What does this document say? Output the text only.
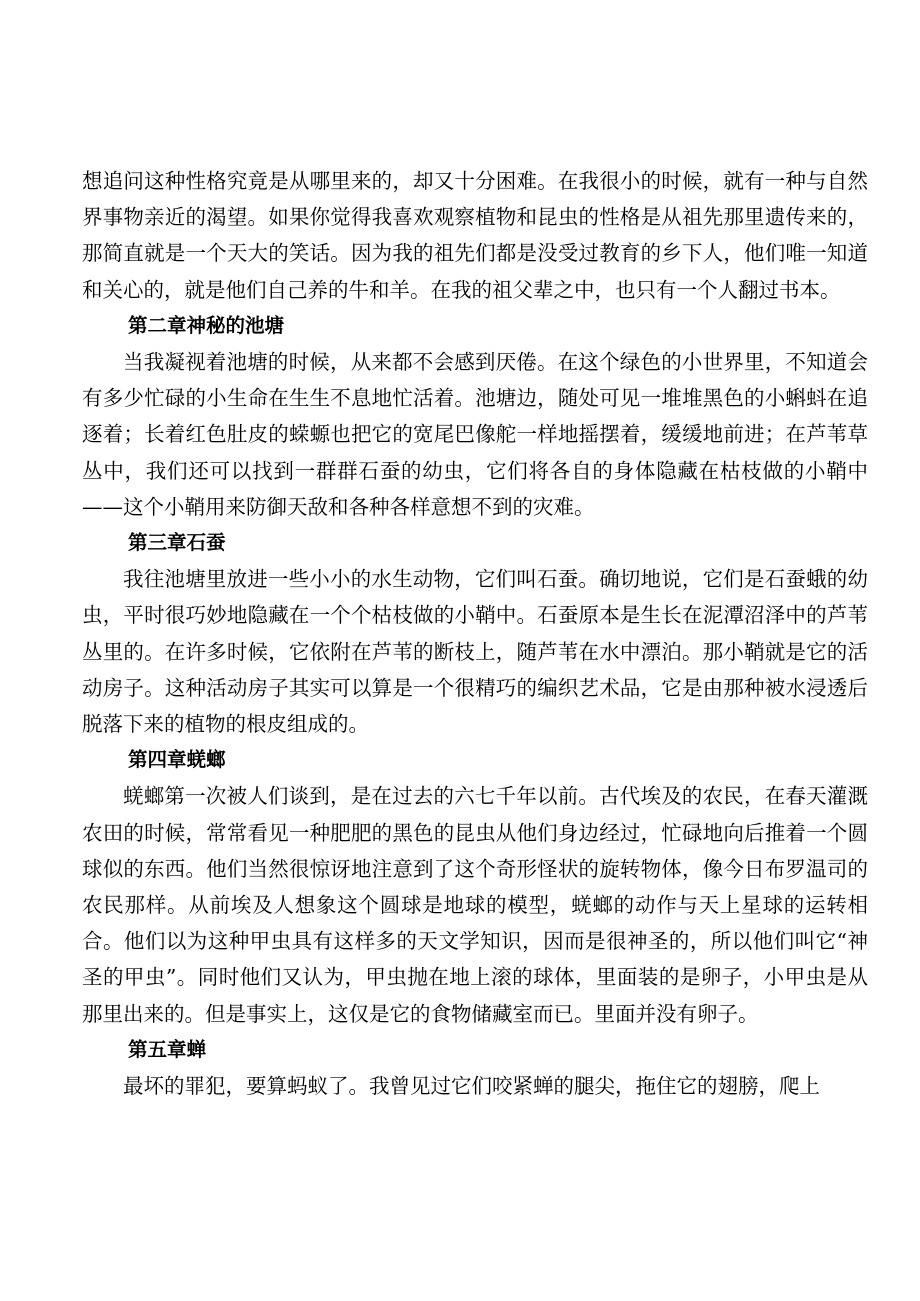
想追问这种性格究竟是从哪里来的，却又十分困难。在我很小的时候，就有一种与自然界事物亲近的渴望。如果你觉得我喜欢观察植物和昆虫的性格是从祖先那里遗传来的，那简直就是一个天大的笑话。因为我的祖先们都是没受过教育的乡下人，他们唯一知道和关心的，就是他们自己养的牛和羊。在我的祖父辈之中，也只有一个人翻过书本。

第二章神秘的池塘

当我凝视着池塘的时候，从来都不会感到厌倦。在这个绿色的小世界里，不知道会有多少忙碌的小生命在生生不息地忙活着。池塘边，随处可见一堆堆黑色的小蝌蚪在追逐着；长着红色肚皮的蝾螈也把它的宽尾巴像舵一样地摇摆着，缓缓地前进；在芦苇草丛中，我们还可以找到一群群石蚕的幼虫，它们将各自的身体隐藏在枯枝做的小鞘中——这个小鞘用来防御天敌和各种各样意想不到的灾难。

第三章石蚕

我往池塘里放进一些小小的水生动物，它们叫石蚕。确切地说，它们是石蚕蛾的幼虫，平时很巧妙地隐藏在一个个枯枝做的小鞘中。石蚕原本是生长在泥潭沼泽中的芦苇丛里的。在许多时候，它依附在芦苇的断枝上，随芦苇在水中漂泊。那小鞘就是它的活动房子。这种活动房子其实可以算是一个很精巧的编织艺术品，它是由那种被水浸透后脱落下来的植物的根皮组成的。

第四章蜣螂

蜣螂第一次被人们谈到，是在过去的六七千年以前。古代埃及的农民，在春天灌溉农田的时候，常常看见一种肥肥的黑色的昆虫从他们身边经过，忙碌地向后推着一个圆球似的东西。他们当然很惊讶地注意到了这个奇形怪状的旋转物体，像今日布罗温司的农民那样。从前埃及人想象这个圆球是地球的模型，蜣螂的动作与天上星球的运转相合。他们以为这种甲虫具有这样多的天文学知识，因而是很神圣的，所以他们叫它“神圣的甲虫”。同时他们又认为，甲虫抛在地上滚的球体，里面装的是卵子，小甲虫是从那里出来的。但是事实上，这仅是它的食物储藏室而已。里面并没有卵子。

第五章蝉

最坏的罪犯，要算蚂蚁了。我曾见过它们咬紧蝉的腿尖，拖住它的翅膀，爬上
